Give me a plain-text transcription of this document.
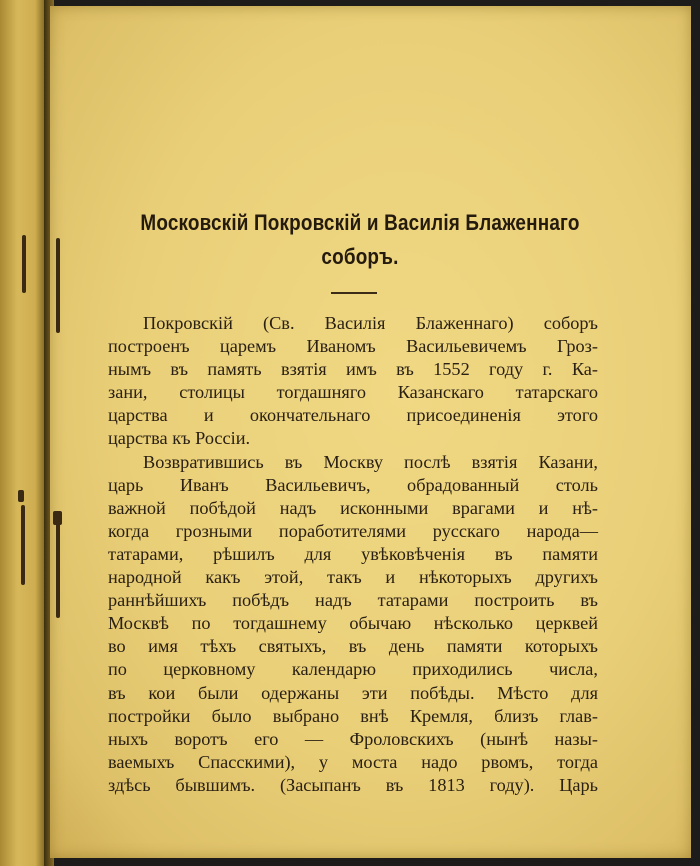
Московскій Покровскій и Василія Блаженнаго
соборъ.
Покровскій (Св. Василія Блаженнаго) соборъ
построенъ царемъ Иваномъ Васильевичемъ Гроз-
нымъ въ память взятія имъ въ 1552 году г. Ка-
зани, столицы тогдашняго Казанскаго татарскаго
царства и окончательнаго присоединенія этого
царства къ Россіи.
Возвратившись въ Москву послѣ взятія Казани,
царь Иванъ Васильевичъ, обрадованный столь
важной побѣдой надъ исконными врагами и нѣ-
когда грозными поработителями русскаго народа—
татарами, рѣшилъ для увѣковѣченія въ памяти
народной какъ этой, такъ и нѣкоторыхъ другихъ
раннѣйшихъ побѣдъ надъ татарами построить въ
Москвѣ по тогдашнему обычаю нѣсколько церквей
во имя тѣхъ святыхъ, въ день памяти которыхъ
по церковному календарю приходились числа,
въ кои были одержаны эти побѣды. Мѣсто для
постройки было выбрано внѣ Кремля, близъ глав-
ныхъ воротъ его — Фроловскихъ (нынѣ назы-
ваемыхъ Спасскими), у моста надо рвомъ, тогда
здѣсь бывшимъ. (Засыпанъ въ 1813 году). Царь
